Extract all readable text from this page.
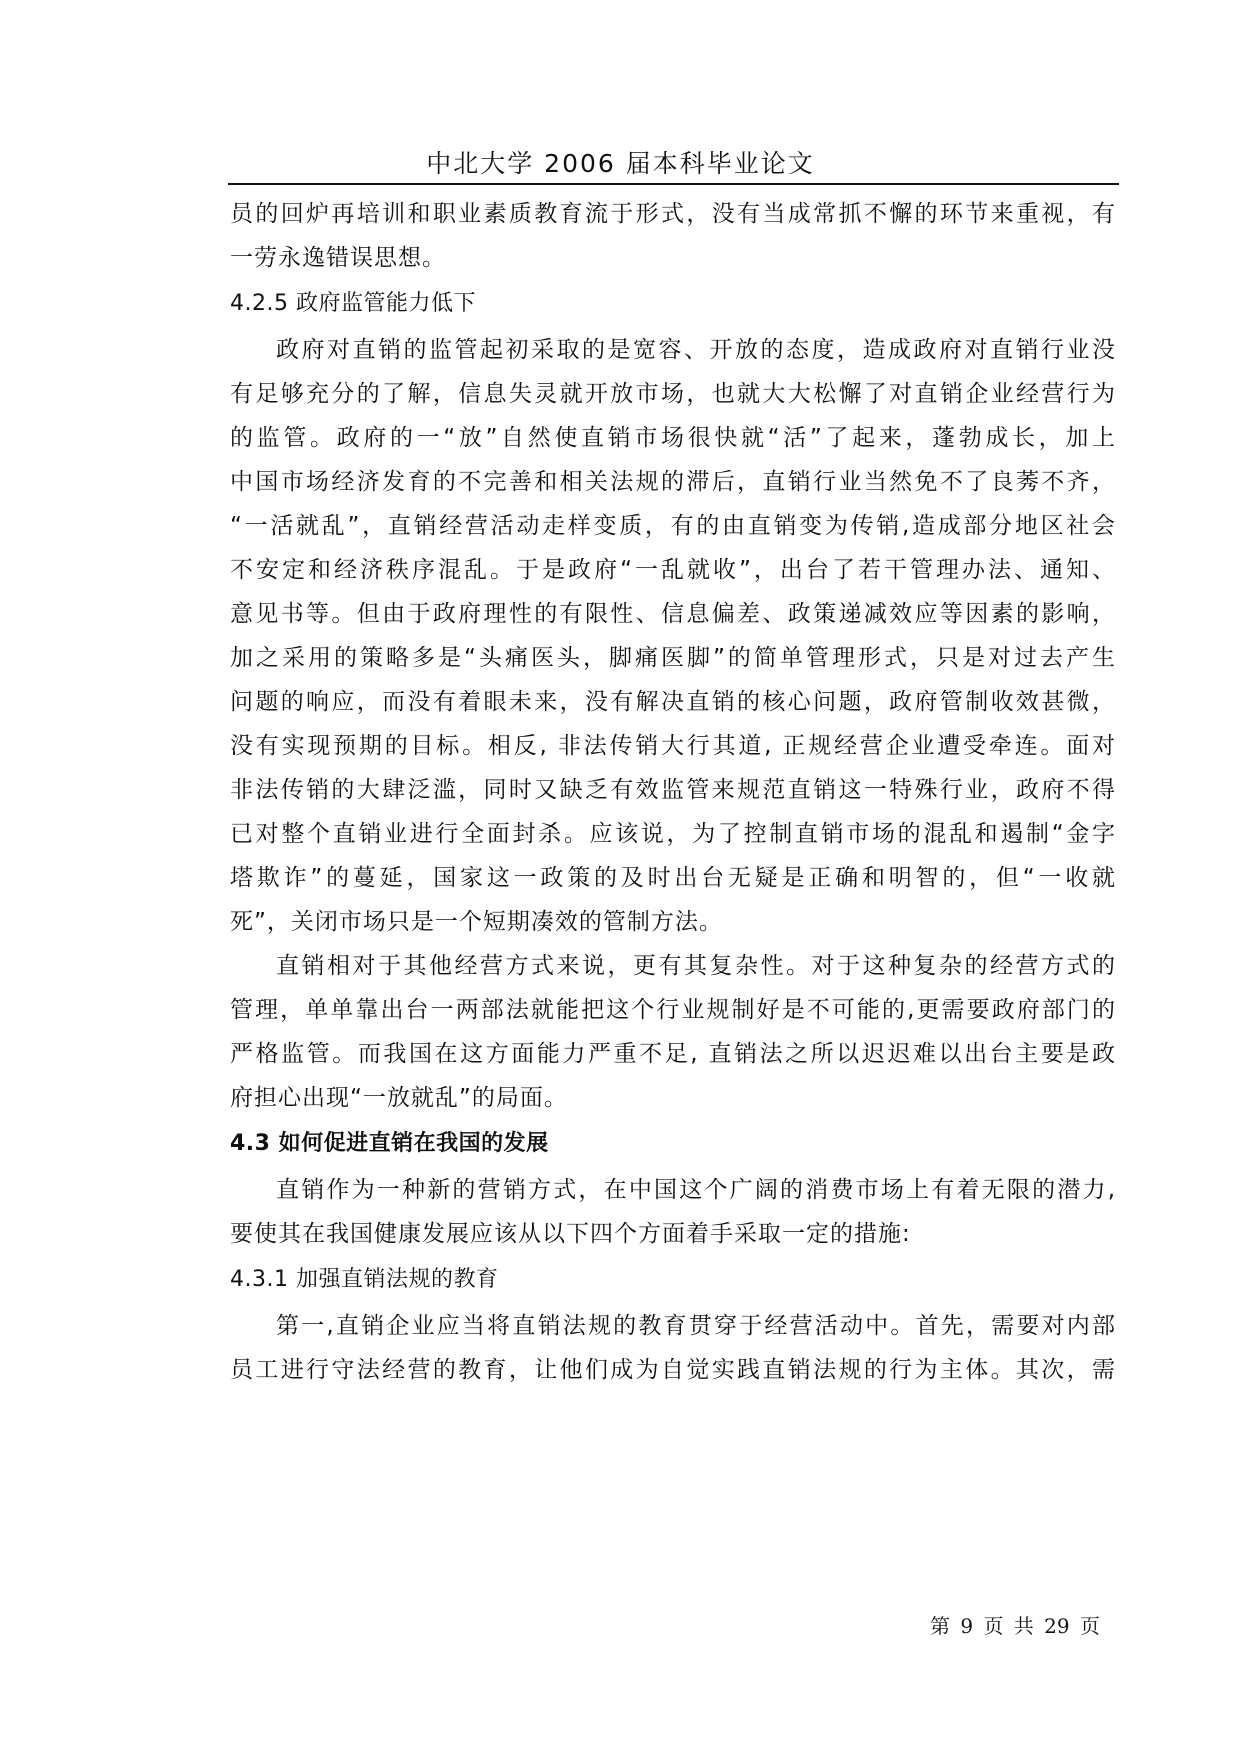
中北大学 2006 届本科毕业论文
员的回炉再培训和职业素质教育流于形式，没有当成常抓不懈的环节来重视，有
一劳永逸错误思想。
4.2.5 政府监管能力低下
政府对直销的监管起初采取的是宽容、开放的态度，造成政府对直销行业没
有足够充分的了解，信息失灵就开放市场，也就大大松懈了对直销企业经营行为
的监管。政府的一“放”自然使直销市场很快就“活”了起来，蓬勃成长，加上
中国市场经济发育的不完善和相关法规的滞后，直销行业当然免不了良莠不齐，
“一活就乱”，直销经营活动走样变质，有的由直销变为传销,造成部分地区社会
不安定和经济秩序混乱。于是政府“一乱就收”，出台了若干管理办法、通知、
意见书等。但由于政府理性的有限性、信息偏差、政策递减效应等因素的影响，
加之采用的策略多是“头痛医头，脚痛医脚”的简单管理形式，只是对过去产生
问题的响应，而没有着眼未来，没有解决直销的核心问题，政府管制收效甚微，
没有实现预期的目标。相反, 非法传销大行其道, 正规经营企业遭受牵连。面对
非法传销的大肆泛滥，同时又缺乏有效监管来规范直销这一特殊行业，政府不得
已对整个直销业进行全面封杀。应该说，为了控制直销市场的混乱和遏制“金字
塔欺诈”的蔓延，国家这一政策的及时出台无疑是正确和明智的，但“一收就
死”，关闭市场只是一个短期凑效的管制方法。
直销相对于其他经营方式来说，更有其复杂性。对于这种复杂的经营方式的
管理，单单靠出台一两部法就能把这个行业规制好是不可能的,更需要政府部门的
严格监管。而我国在这方面能力严重不足, 直销法之所以迟迟难以出台主要是政
府担心出现“一放就乱”的局面。
4.3 如何促进直销在我国的发展
直销作为一种新的营销方式，在中国这个广阔的消费市场上有着无限的潜力,
要使其在我国健康发展应该从以下四个方面着手采取一定的措施:
4.3.1 加强直销法规的教育
第一,直销企业应当将直销法规的教育贯穿于经营活动中。首先，需要对内部
员工进行守法经营的教育，让他们成为自觉实践直销法规的行为主体。其次，需
第 9 页 共 29 页
